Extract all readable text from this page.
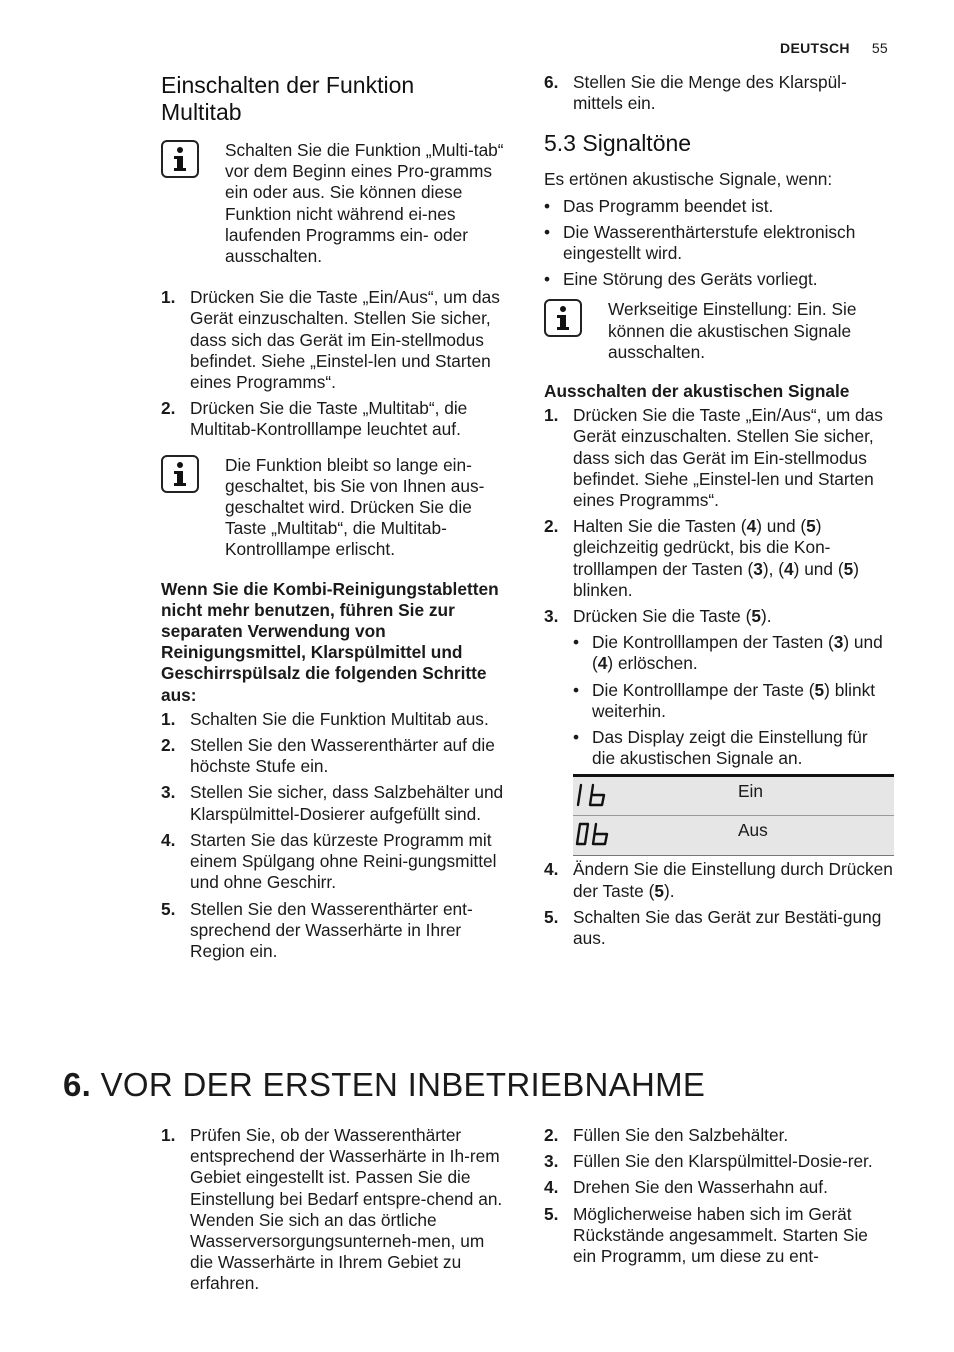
DEUTSCH 55
Einschalten der Funktion Multitab
Schalten Sie die Funktion „Multi-tab“ vor dem Beginn eines Pro-gramms ein oder aus. Sie können diese Funktion nicht während ei-nes laufenden Programms ein- oder ausschalten.
1. Drücken Sie die Taste „Ein/Aus“, um das Gerät einzuschalten. Stellen Sie sicher, dass sich das Gerät im Ein-stellmodus befindet. Siehe „Einstel-len und Starten eines Programms“.
2. Drücken Sie die Taste „Multitab“, die Multitab-Kontrolllampe leuchtet auf.
Die Funktion bleibt so lange ein-geschaltet, bis Sie von Ihnen aus-geschaltet wird. Drücken Sie die Taste „Multitab“, die Multitab-Kontrolllampe erlischt.

Wenn Sie die Kombi-Reinigungstabletten nicht mehr benutzen, führen Sie zur separaten Verwendung von Reinigungsmittel, Klarspülmittel und Geschirrspülsalz die folgenden Schritte aus:

1. Schalten Sie die Funktion Multitab aus.
2. Stellen Sie den Wasserenthärter auf die höchste Stufe ein.
3. Stellen Sie sicher, dass Salzbehälter und Klarspülmittel-Dosierer aufgefüllt sind.
4. Starten Sie das kürzeste Programm mit einem Spülgang ohne Reini-gungsmittel und ohne Geschirr.
5. Stellen Sie den Wasserenthärter ent-sprechend der Wasserhärte in Ihrer Region ein.
6. Stellen Sie die Menge des Klarspül-mittels ein.
5.3 Signaltöne

Es ertönen akustische Signale, wenn:

• Das Programm beendet ist.
• Die Wasserenthärterstufe elektronisch eingestellt wird.
• Eine Störung des Geräts vorliegt.
Werkseitige Einstellung: Ein. Sie können die akustischen Signale ausschalten.

Ausschalten der akustischen Signale

1. Drücken Sie die Taste „Ein/Aus“, um das Gerät einzuschalten. Stellen Sie sicher, dass sich das Gerät im Ein-stellmodus befindet. Siehe „Einstel-len und Starten eines Programms“.
2. Halten Sie die Tasten (4) und (5) gleichzeitig gedrückt, bis die Kon-trolllampen der Tasten (3), (4) und (5) blinken.
3. Drücken Sie die Taste (5).
• Die Kontrolllampen der Tasten (3) und (4) erlöschen.
• Die Kontrolllampe der Taste (5) blinkt weiterhin.
• Das Display zeigt die Einstellung für die akustischen Signale an.
	Ein
	Aus
4. Ändern Sie die Einstellung durch Drücken der Taste (5).
5. Schalten Sie das Gerät zur Bestäti-gung aus.
6. VOR DER ERSTEN INBETRIEBNAHME
1. Prüfen Sie, ob der Wasserenthärter entsprechend der Wasserhärte in Ih-rem Gebiet eingestellt ist. Passen Sie die Einstellung bei Bedarf entspre-chend an. Wenden Sie sich an das örtliche Wasserversorgungsunterneh-men, um die Wasserhärte in Ihrem Gebiet zu erfahren.
2. Füllen Sie den Salzbehälter.
3. Füllen Sie den Klarspülmittel-Dosie-rer.
4. Drehen Sie den Wasserhahn auf.
5. Möglicherweise haben sich im Gerät Rückstände angesammelt. Starten Sie ein Programm, um diese zu ent-
